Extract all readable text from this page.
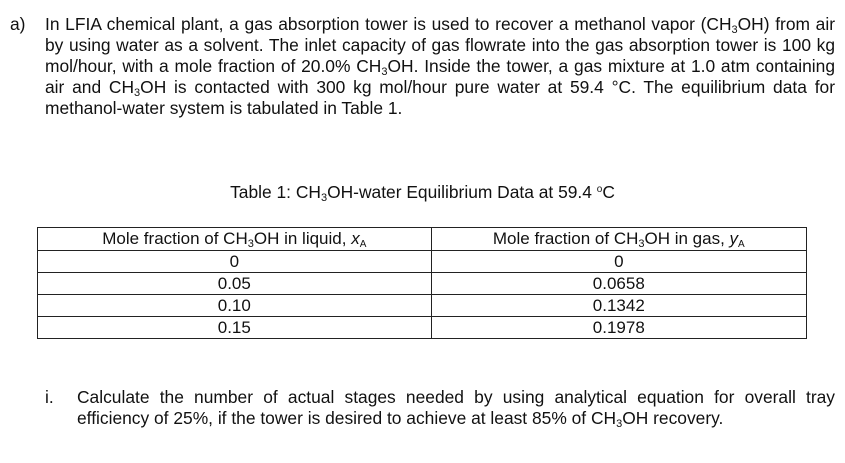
a) In LFIA chemical plant, a gas absorption tower is used to recover a methanol vapor $(CH_3OH)$ from air by using water as a solvent. The inlet capacity of gas flowrate into the gas absorption tower is 100 kg mol/hour, with a mole fraction of 20.0% $CH_3OH$. Inside the tower, a gas mixture at 1.0 atm containing air and $CH_3OH$ is contacted with 300 kg mol/hour pure water at 59.4 °C. The equilibrium data for methanol-water system is tabulated in Table 1.
Table 1: $CH_3OH$-water Equilibrium Data at 59.4 $^o$C
Mole fraction of $CH_3OH$ in liquid, xA	Mole fraction of $CH_3OH$ in gas, yA
0	0
0.05	0.0658
0.10	0.1342
0.15	0.1978
i. Calculate the number of actual stages needed by using analytical equation for overall tray efficiency of 25%, if the tower is desired to achieve at least 85% of $CH_3OH$ recovery.
